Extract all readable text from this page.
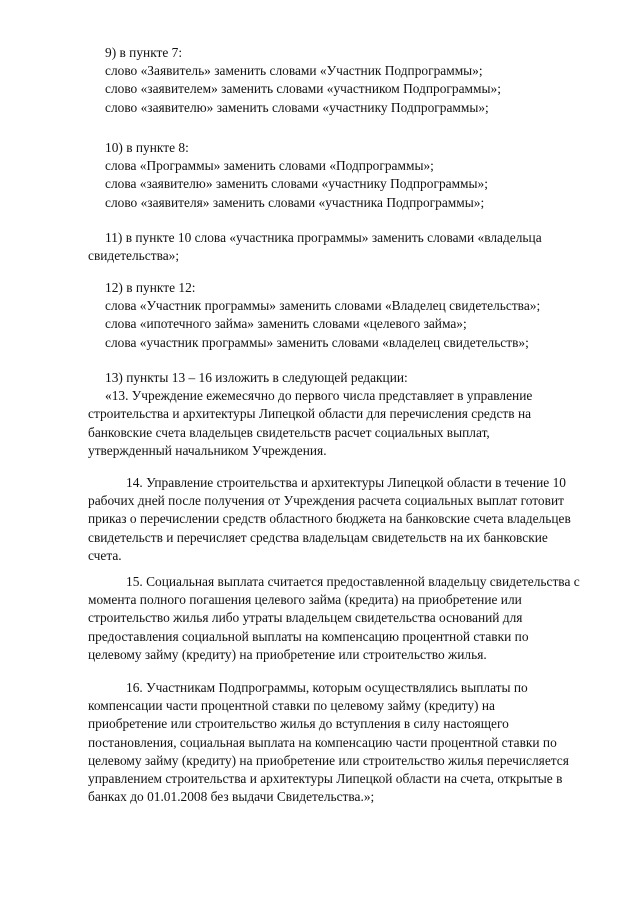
9) в пункте 7:
слово «Заявитель» заменить словами «Участник Подпрограммы»;
слово «заявителем» заменить словами «участником Подпрограммы»;
слово «заявителю» заменить словами «участнику Подпрограммы»;
10) в пункте 8:
слова «Программы» заменить словами «Подпрограммы»;
слова «заявителю» заменить словами «участнику Подпрограммы»;
слово «заявителя» заменить словами «участника Подпрограммы»;
11) в пункте 10 слова «участника программы» заменить словами «владельца
свидетельства»;
12) в пункте 12:
слова «Участник программы» заменить словами «Владелец свидетельства»;
слова «ипотечного займа» заменить словами «целевого займа»;
слова «участник программы» заменить словами «владелец свидетельств»;
13) пункты 13 – 16 изложить в следующей редакции:
«13. Учреждение ежемесячно до первого числа представляет в управление
строительства и архитектуры Липецкой области для перечисления средств на
банковские счета владельцев свидетельств расчет социальных выплат,
утвержденный начальником Учреждения.
14. Управление строительства и архитектуры Липецкой области в течение 10
рабочих дней после получения от Учреждения расчета социальных выплат готовит
приказ о перечислении средств областного бюджета на банковские счета владельцев
свидетельств и перечисляет средства владельцам свидетельств на их банковские
счета.
15. Социальная выплата считается предоставленной владельцу свидетельства с
момента полного погашения целевого займа (кредита) на приобретение или
строительство жилья либо утраты владельцем свидетельства оснований для
предоставления социальной выплаты на компенсацию процентной ставки по
целевому займу (кредиту) на приобретение или строительство жилья.
16. Участникам Подпрограммы, которым осуществлялись выплаты по
компенсации части процентной ставки по целевому займу (кредиту) на
приобретение или строительство жилья до вступления в силу настоящего
постановления, социальная выплата на компенсацию части процентной ставки по
целевому займу (кредиту) на приобретение или строительство жилья перечисляется
управлением строительства и архитектуры Липецкой области на счета, открытые в
банках до 01.01.2008 без выдачи Свидетельства.»;
